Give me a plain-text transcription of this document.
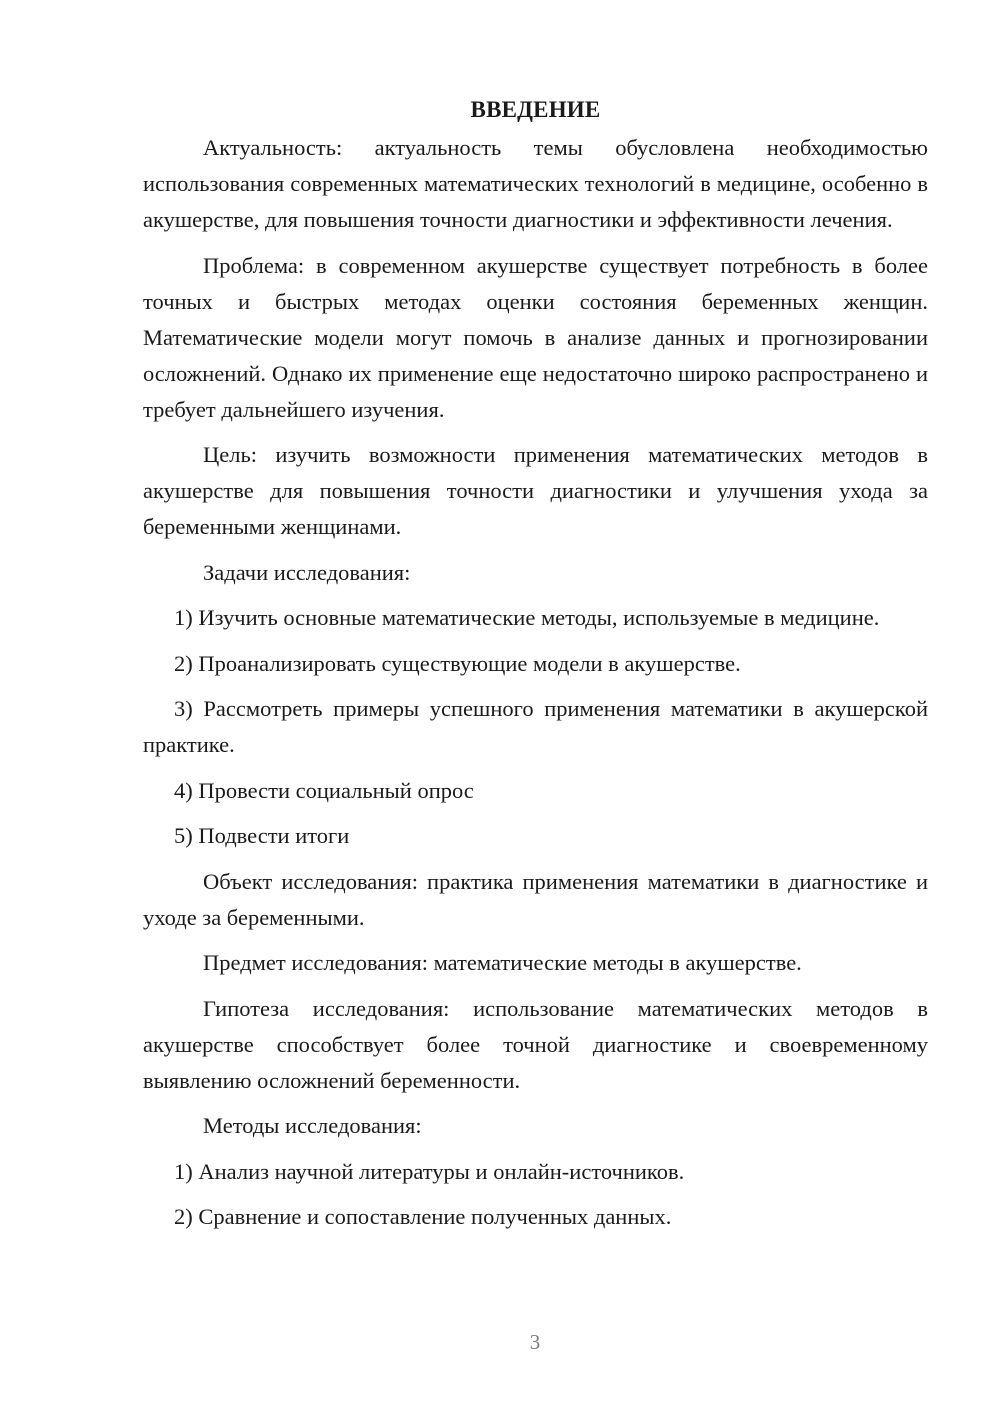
ВВЕДЕНИЕ

Актуальность: актуальность темы обусловлена необходимостью использования современных математических технологий в медицине, особенно в акушерстве, для повышения точности диагностики и эффективности лечения.

Проблема: в современном акушерстве существует потребность в более точных и быстрых методах оценки состояния беременных женщин. Математические модели могут помочь в анализе данных и прогнозировании осложнений. Однако их применение еще недостаточно широко распространено и требует дальнейшего изучения.

Цель: изучить возможности применения математических методов в акушерстве для повышения точности диагностики и улучшения ухода за беременными женщинами.

Задачи исследования:

1) Изучить основные математические методы, используемые в медицине.

2) Проанализировать существующие модели в акушерстве.

3) Рассмотреть примеры успешного применения математики в акушерской практике.

4) Провести социальный опрос

5) Подвести итоги

Объект исследования: практика применения математики в диагностике и уходе за беременными.

Предмет исследования: математические методы в акушерстве.

Гипотеза исследования: использование математических методов в акушерстве способствует более точной диагностике и своевременному выявлению осложнений беременности.

Методы исследования:

1) Анализ научной литературы и онлайн-источников.

2) Сравнение и сопоставление полученных данных.

3
